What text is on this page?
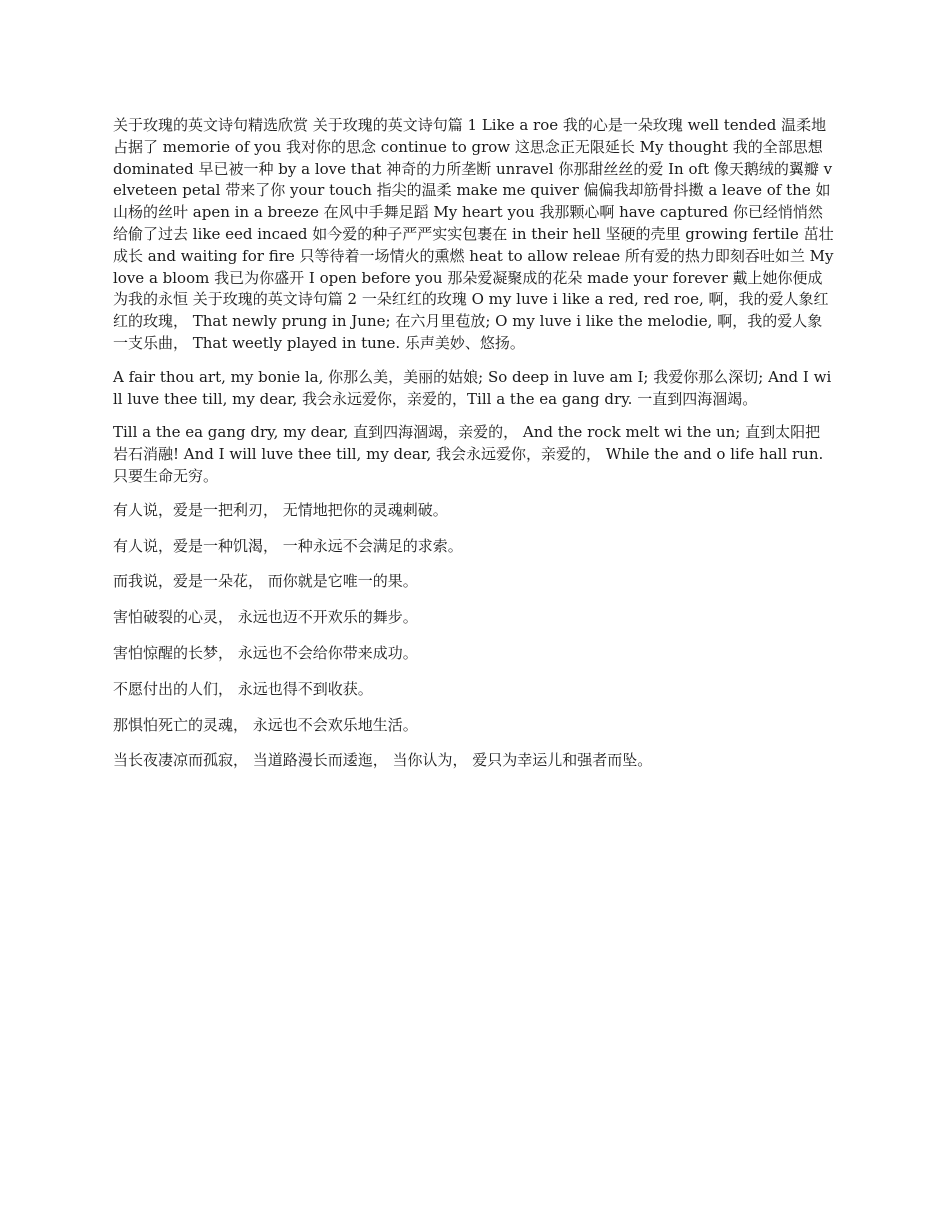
关于玫瑰的英文诗句精选欣赏 关于玫瑰的英文诗句篇 1 Like a roe 我的心是一朵玫瑰 well tended 温柔地占据了 memorie of you 我对你的思念 continue to grow 这思念正无限延长 My thought 我的全部思想 dominated 早已被一种 by a love that 神奇的力所垄断 unravel 你那甜丝丝的爱 In oft 像天鹅绒的翼瓣 velveteen petal 带来了你 your touch 指尖的温柔 make me quiver 偏偏我却筋骨抖擞 a leave of the 如山杨的丝叶 apen in a breeze 在风中手舞足蹈 My heart you 我那颗心啊 have captured 你已经悄悄然给偷了过去 like eed incaed 如今爱的种子严严实实包裹在 in their hell 坚硬的壳里 growing fertile 茁壮成长 and waiting for fire 只等待着一场情火的熏燃 heat to allow releae 所有爱的热力即刻吞吐如兰 My love a bloom 我已为你盛开 I open before you 那朵爱凝聚成的花朵 made your forever 戴上她你便成为我的永恒 关于玫瑰的英文诗句篇 2 一朵红红的玫瑰 O my luve i like a red, red roe, 啊，我的爱人象红红的玫瑰， That newly prung in June; 在六月里苞放; O my luve i like the melodie, 啊，我的爱人象一支乐曲， That weetly played in tune. 乐声美妙、悠扬。

A fair thou art, my bonie la, 你那么美，美丽的姑娘; So deep in luve am I; 我爱你那么深切; And I will luve thee till, my dear, 我会永远爱你，亲爱的，Till a the ea gang dry. 一直到四海涸竭。

Till a the ea gang dry, my dear, 直到四海涸竭，亲爱的， And the rock melt wi the un; 直到太阳把岩石消融! And I will luve thee till, my dear, 我会永远爱你，亲爱的， While the and o life hall run. 只要生命无穷。

有人说，爱是一把利刃， 无情地把你的灵魂刺破。

有人说，爱是一种饥渴， 一种永远不会满足的求索。

而我说，爱是一朵花， 而你就是它唯一的果。

害怕破裂的心灵， 永远也迈不开欢乐的舞步。

害怕惊醒的长梦， 永远也不会给你带来成功。

不愿付出的人们， 永远也得不到收获。

那惧怕死亡的灵魂， 永远也不会欢乐地生活。

当长夜凄凉而孤寂， 当道路漫长而逶迤， 当你认为， 爱只为幸运儿和强者而坠。
